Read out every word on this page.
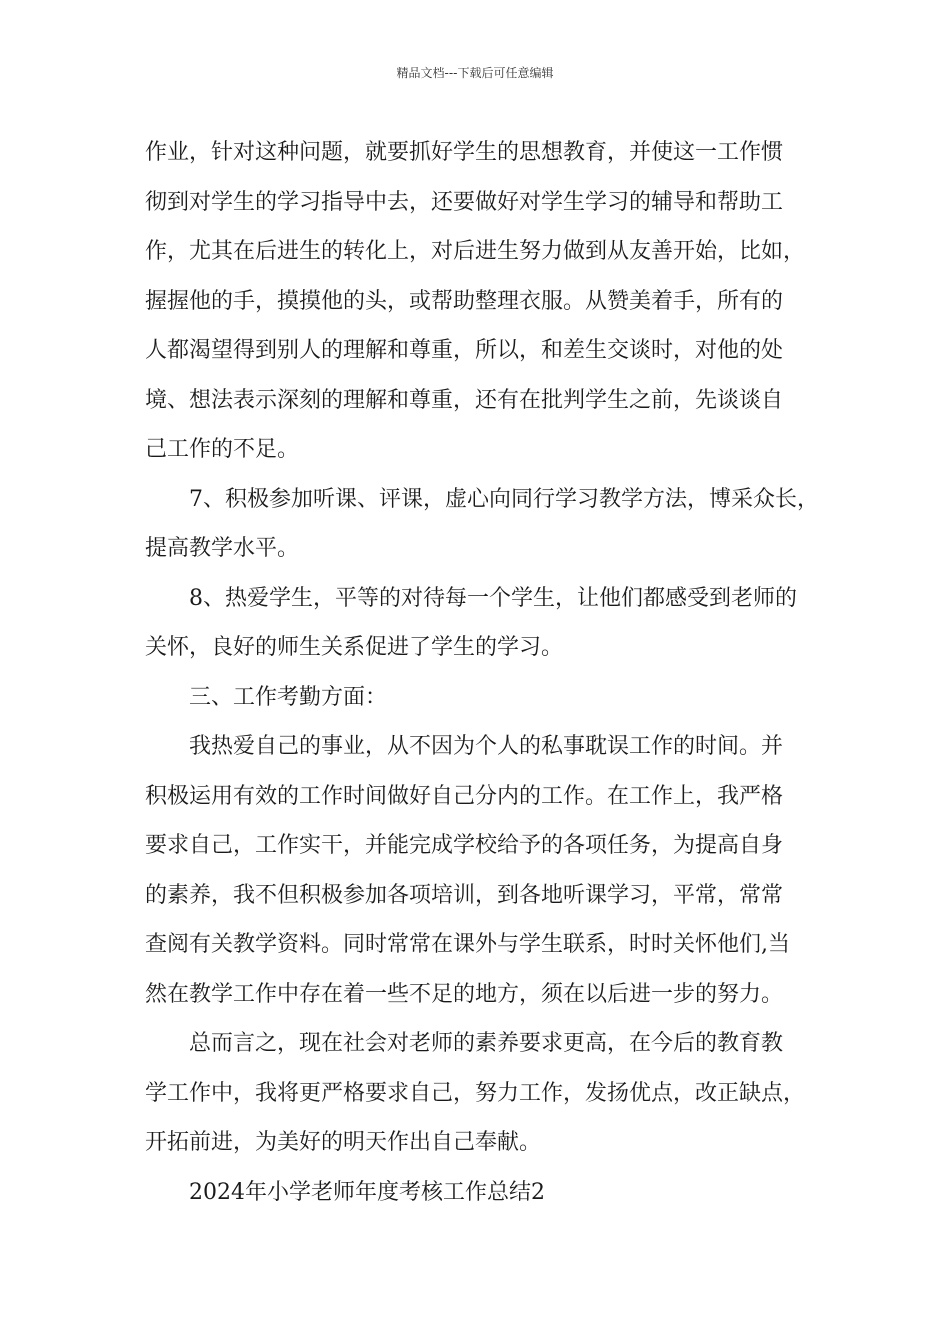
精品文档---下载后可任意编辑
作业，针对这种问题，就要抓好学生的思想教育，并使这一工作惯
彻到对学生的学习指导中去，还要做好对学生学习的辅导和帮助工
作，尤其在后进生的转化上，对后进生努力做到从友善开始，比如，
握握他的手，摸摸他的头，或帮助整理衣服。从赞美着手，所有的
人都渴望得到别人的理解和尊重，所以，和差生交谈时，对他的处
境、想法表示深刻的理解和尊重，还有在批判学生之前，先谈谈自
己工作的不足。
7、积极参加听课、评课，虚心向同行学习教学方法，博采众长，
提高教学水平。
8、热爱学生，平等的对待每一个学生，让他们都感受到老师的
关怀，良好的师生关系促进了学生的学习。
三、工作考勤方面：
我热爱自己的事业，从不因为个人的私事耽误工作的时间。并
积极运用有效的工作时间做好自己分内的工作。在工作上，我严格
要求自己，工作实干，并能完成学校给予的各项任务，为提高自身
的素养，我不但积极参加各项培训，到各地听课学习，平常，常常
查阅有关教学资料。同时常常在课外与学生联系，时时关怀他们,当
然在教学工作中存在着一些不足的地方，须在以后进一步的努力。
总而言之，现在社会对老师的素养要求更高，在今后的教育教
学工作中，我将更严格要求自己，努力工作，发扬优点，改正缺点，
开拓前进，为美好的明天作出自己奉献。
2024年小学老师年度考核工作总结2
